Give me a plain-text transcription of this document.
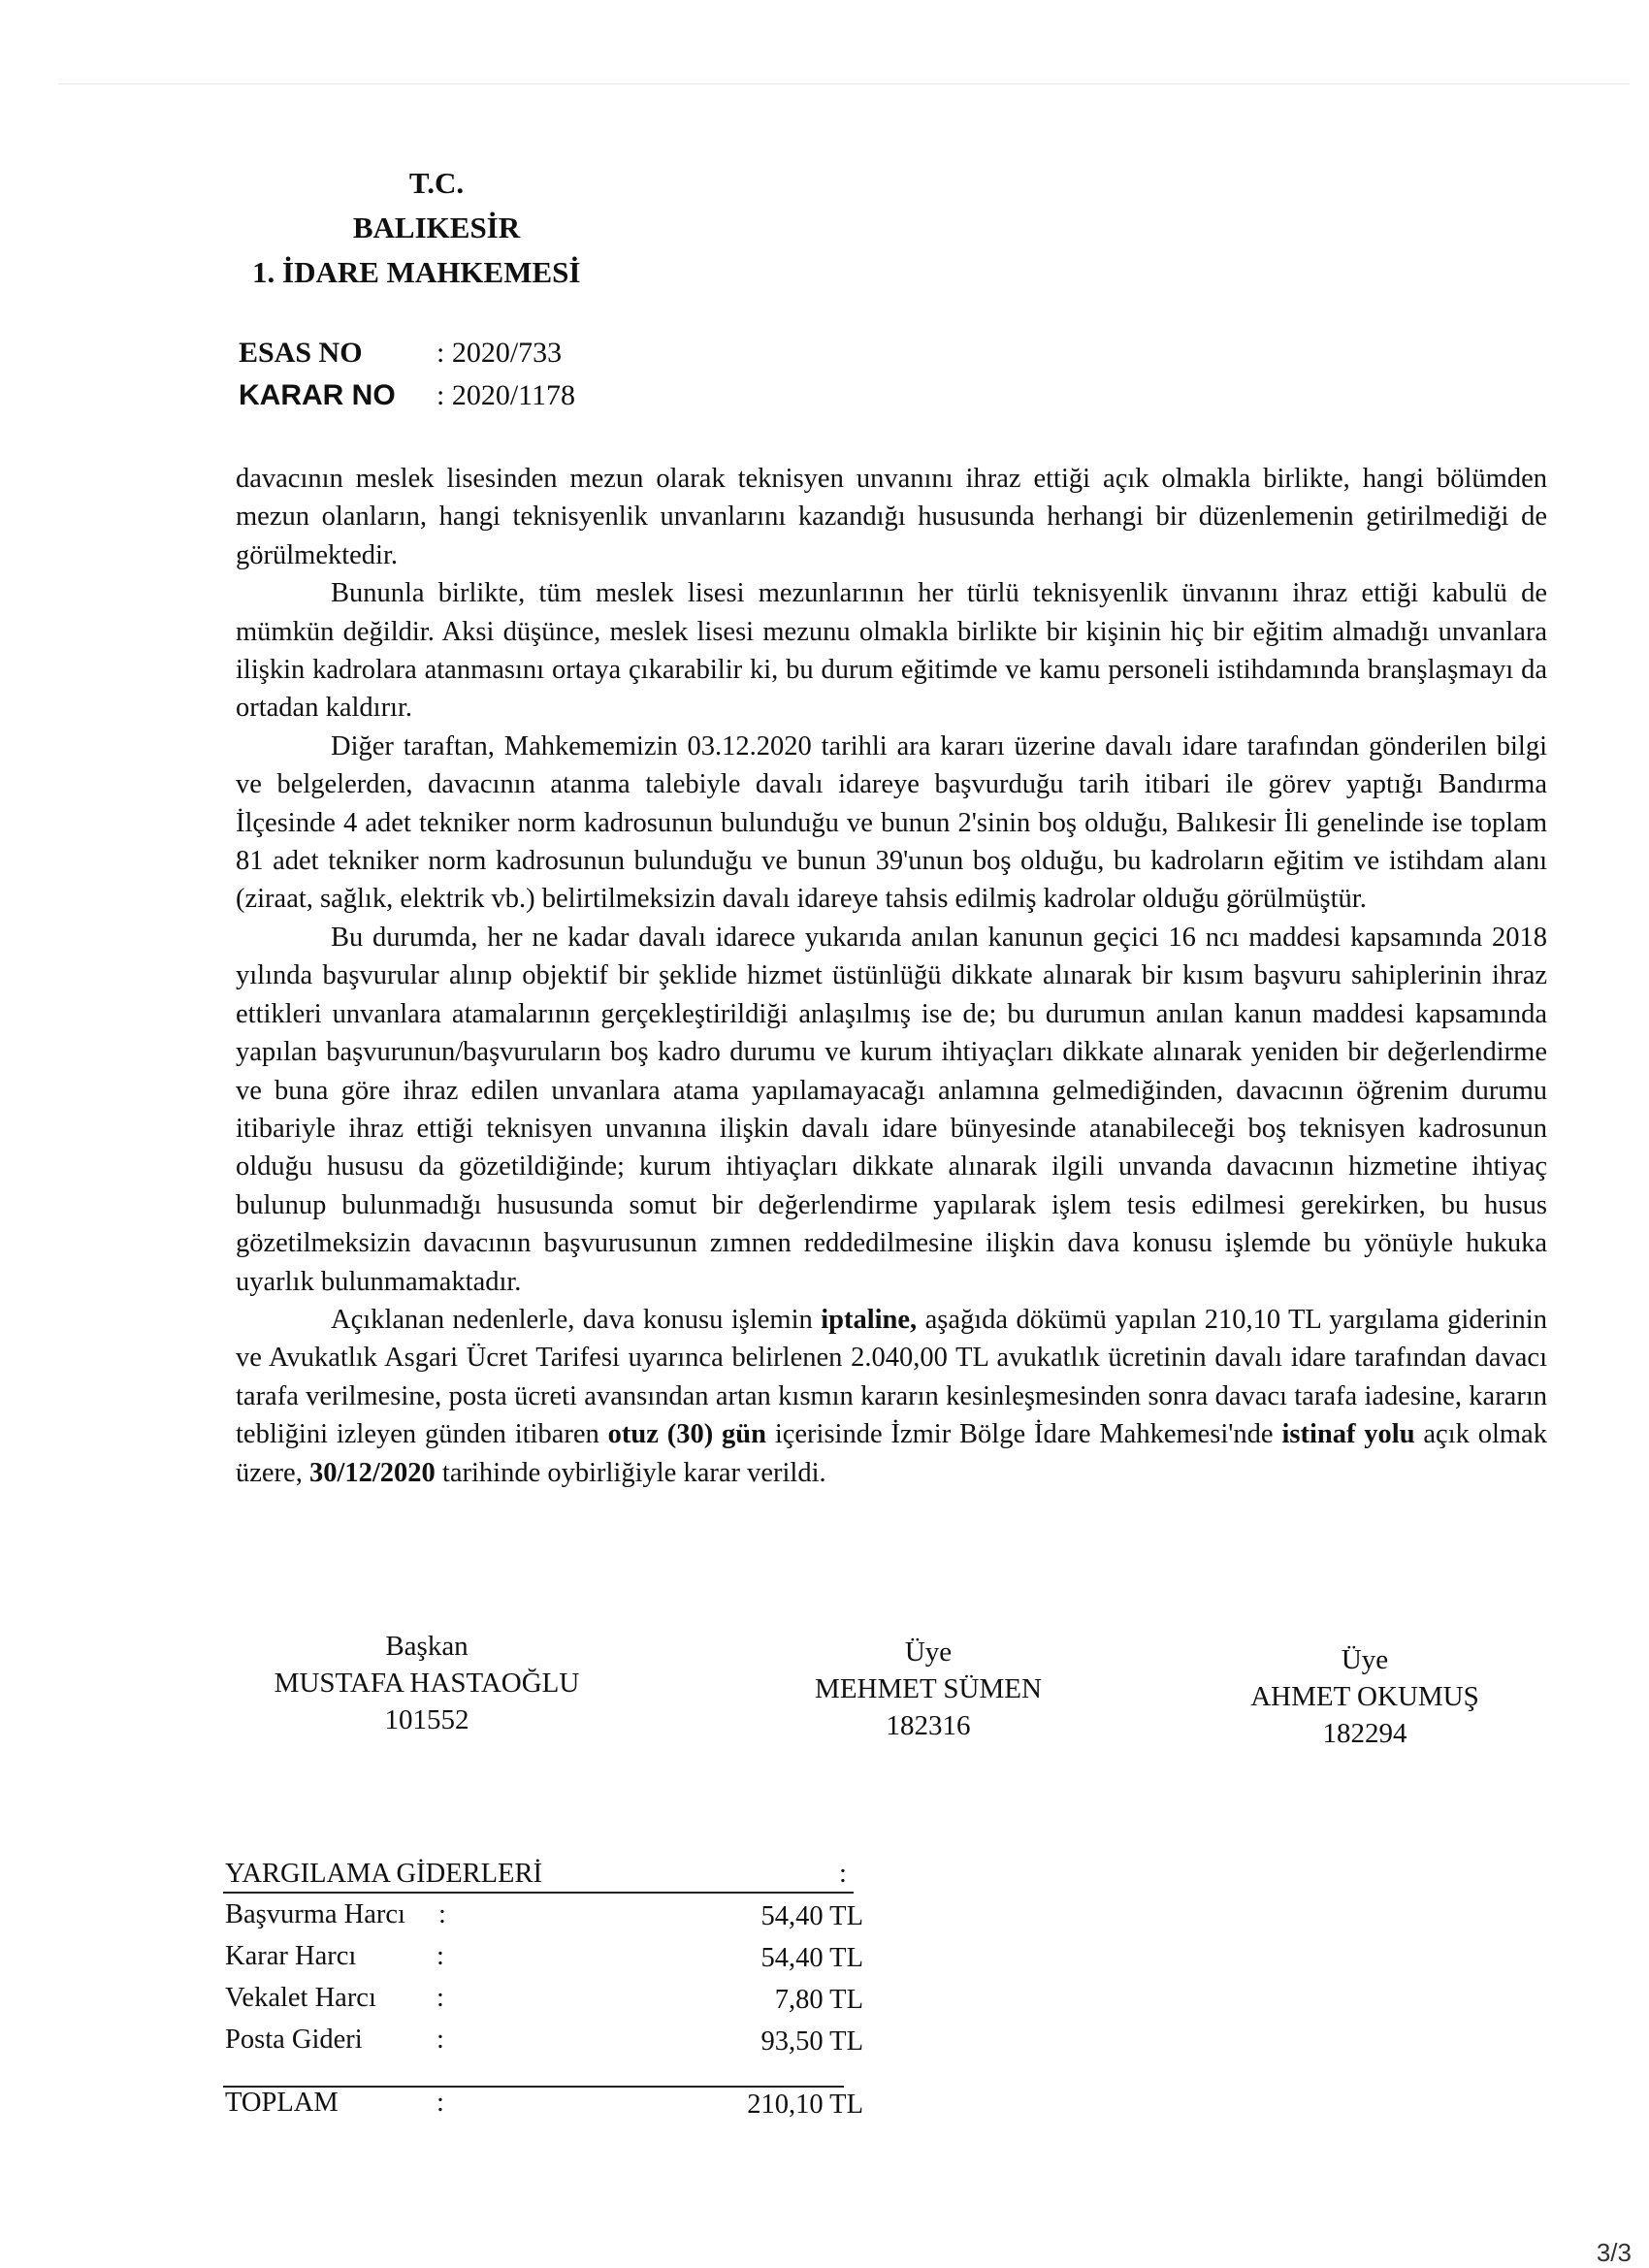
T.C.
BALIKESİR
1. İDARE MAHKEMESİ
ESAS NO	: 2020/733
KARAR NO	: 2020/1178

davacının meslek lisesinden mezun olarak teknisyen unvanını ihraz ettiği açık olmakla birlikte, hangi bölümden mezun olanların, hangi teknisyenlik unvanlarını kazandığı hususunda herhangi bir düzenlemenin getirilmediği de görülmektedir.

Bununla birlikte, tüm meslek lisesi mezunlarının her türlü teknisyenlik ünvanını ihraz ettiği kabulü de mümkün değildir. Aksi düşünce, meslek lisesi mezunu olmakla birlikte bir kişinin hiç bir eğitim almadığı unvanlara ilişkin kadrolara atanmasını ortaya çıkarabilir ki, bu durum eğitimde ve kamu personeli istihdamında branşlaşmayı da ortadan kaldırır.

Diğer taraftan, Mahkememizin 03.12.2020 tarihli ara kararı üzerine davalı idare tarafından gönderilen bilgi ve belgelerden, davacının atanma talebiyle davalı idareye başvurduğu tarih itibari ile görev yaptığı Bandırma İlçesinde 4 adet tekniker norm kadrosunun bulunduğu ve bunun 2'sinin boş olduğu, Balıkesir İli genelinde ise toplam 81 adet tekniker norm kadrosunun bulunduğu ve bunun 39'unun boş olduğu, bu kadroların eğitim ve istihdam alanı (ziraat, sağlık, elektrik vb.) belirtilmeksizin davalı idareye tahsis edilmiş kadrolar olduğu görülmüştür.

Bu durumda, her ne kadar davalı idarece yukarıda anılan kanunun geçici 16 ncı maddesi kapsamında 2018 yılında başvurular alınıp objektif bir şeklide hizmet üstünlüğü dikkate alınarak bir kısım başvuru sahiplerinin ihraz ettikleri unvanlara atamalarının gerçekleştirildiği anlaşılmış ise de; bu durumun anılan kanun maddesi kapsamında yapılan başvurunun/başvuruların boş kadro durumu ve kurum ihtiyaçları dikkate alınarak yeniden bir değerlendirme ve buna göre ihraz edilen unvanlara atama yapılamayacağı anlamına gelmediğinden, davacının öğrenim durumu itibariyle ihraz ettiği teknisyen unvanına ilişkin davalı idare bünyesinde atanabileceği boş teknisyen kadrosunun olduğu hususu da gözetildiğinde; kurum ihtiyaçları dikkate alınarak ilgili unvanda davacının hizmetine ihtiyaç bulunup bulunmadığı hususunda somut bir değerlendirme yapılarak işlem tesis edilmesi gerekirken, bu husus gözetilmeksizin davacının başvurusunun zımnen reddedilmesine ilişkin dava konusu işlemde bu yönüyle hukuka uyarlık bulunmamaktadır.

Açıklanan nedenlerle, dava konusu işlemin iptaline, aşağıda dökümü yapılan 210,10 TL yargılama giderinin ve Avukatlık Asgari Ücret Tarifesi uyarınca belirlenen 2.040,00 TL avukatlık ücretinin davalı idare tarafından davacı tarafa verilmesine, posta ücreti avansından artan kısmın kararın kesinleşmesinden sonra davacı tarafa iadesine, kararın tebliğini izleyen günden itibaren otuz (30) gün içerisinde İzmir Bölge İdare Mahkemesi'nde istinaf yolu açık olmak üzere, 30/12/2020 tarihinde oybirliğiyle karar verildi.

Başkan
MUSTAFA HASTAOĞLU
101552
Üye
MEHMET SÜMEN
182316
Üye
AHMET OKUMUŞ
182294
YARGILAMA GİDERLERİ	:
Başvurma Harcı :	54,40 TL
Karar Harcı	:	54,40 TL
Vekalet Harcı :	7,80 TL
Posta Gideri	:	93,50 TL
TOPLAM	:	210,10 TL
3/3
